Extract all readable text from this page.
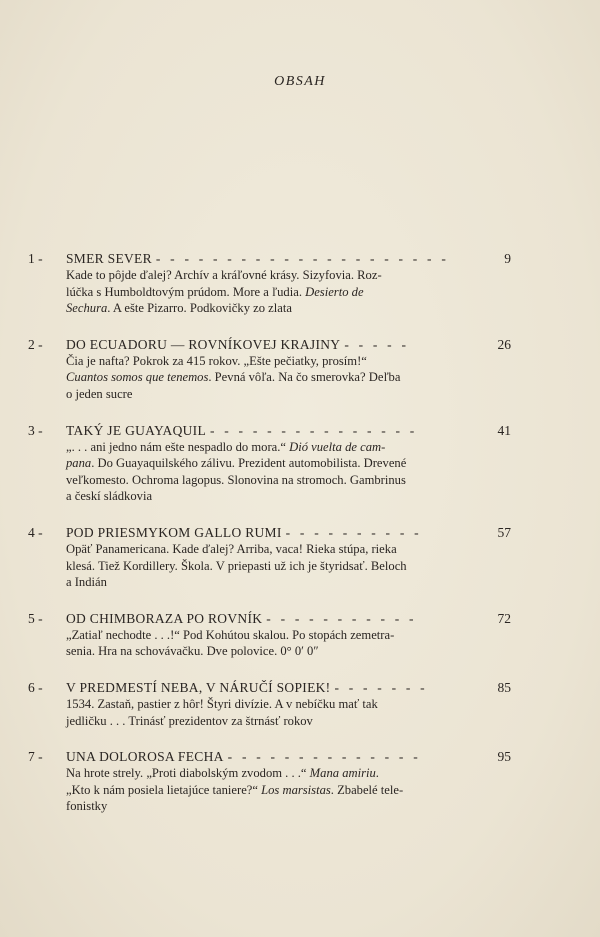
OBSAH
1 -	SMER SEVER - - - - - - - - - - - - - - - - - - - - -	9
Kade to pôjde ďalej? Archív a kráľovné krásy. Sizyfovia. Roz-
lúčka s Humboldtovým prúdom. More a ľudia. Desierto de
Sechura. A ešte Pizarro. Podkovičky zo zlata
2 -	DO ECUADORU — ROVNÍKOVEJ KRAJINY - - - - -	26
Čia je nafta? Pokrok za 415 rokov. „Ešte pečiatky, prosím!“
Cuantos somos que tenemos. Pevná vôľa. Na čo smerovka? Deľba
o jeden sucre
3 -	TAKÝ JE GUAYAQUIL - - - - - - - - - - - - - - -	41
„. . . ani jedno nám ešte nespadlo do mora.“ Dió vuelta de cam-
pana. Do Guayaquilského zálivu. Prezident automobilista. Drevené
veľkomesto. Ochroma lagopus. Slonovina na stromoch. Gambrinus
a českí sládkovia
4 -	POD PRIESMYKOM GALLO RUMI - - - - - - - - - -	57
Opäť Panamericana. Kade ďalej? Arriba, vaca! Rieka stúpa, rieka
klesá. Tiež Kordillery. Škola. V priepasti už ich je štyridsať. Beloch
a Indián
5 -	OD CHIMBORAZA PO ROVNÍK - - - - - - - - - - -	72
„Zatiaľ nechodte . . .!“ Pod Kohútou skalou. Po stopách zemetra-
senia. Hra na schovávačku. Dve polovice. 0° 0′ 0″
6 -	V PREDMESTÍ NEBA, V NÁRUČÍ SOPIEK! - - - - - - -	85
1534. Zastaň, pastier z hôr! Štyri divízie. A v nebíčku mať tak
jedličku . . . Trinásť prezidentov za štrnásť rokov
7 -	UNA DOLOROSA FECHA - - - - - - - - - - - - - -	95
Na hrote strely. „Proti diabolským zvodom . . .“ Mana amiriu.
„Kto k nám posiela lietajúce taniere?“ Los marsistas. Zbabelé tele-
fonistky
